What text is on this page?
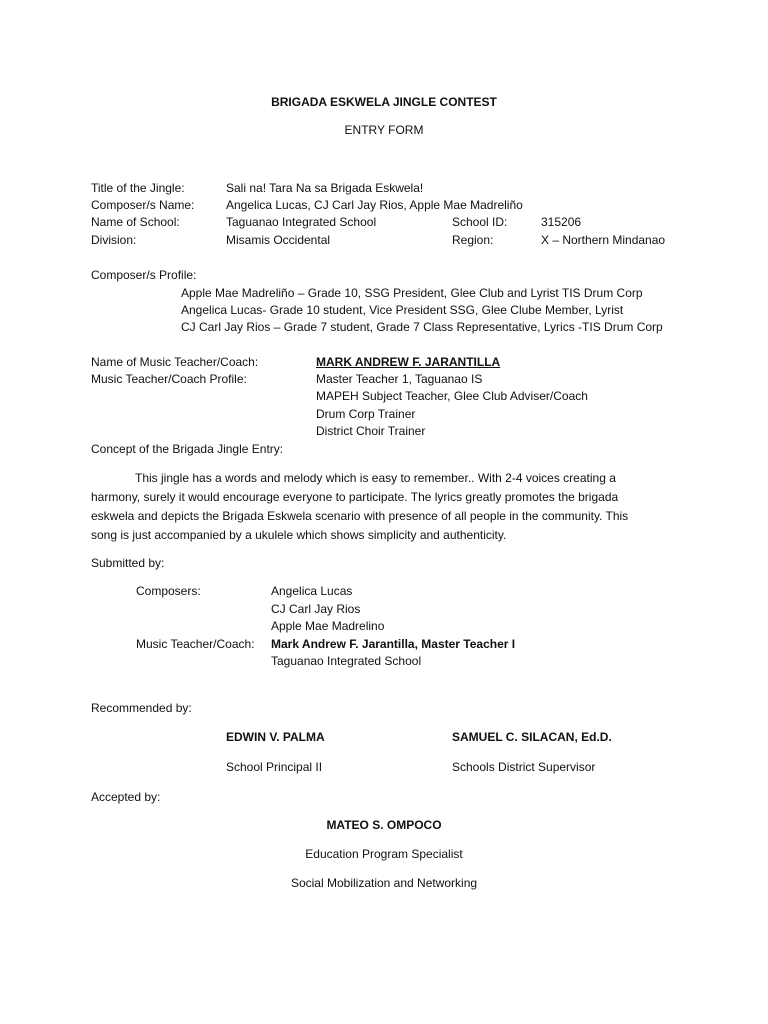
BRIGADA ESKWELA JINGLE CONTEST
ENTRY FORM
Title of the Jingle:	Sali na! Tara Na sa Brigada Eskwela!
Composer/s Name:	Angelica Lucas, CJ Carl Jay Rios, Apple Mae Madreliño
Name of School:	Taguanao Integrated School	School ID:	315206
Division:	Misamis Occidental	Region:	X – Northern Mindanao
Composer/s Profile:
Apple Mae Madreliño – Grade 10, SSG President, Glee Club and Lyrist TIS Drum Corp
Angelica Lucas- Grade 10 student, Vice President SSG, Glee Clube Member, Lyrist
CJ Carl Jay Rios – Grade 7 student, Grade 7 Class Representative, Lyrics -TIS Drum Corp
Name of Music Teacher/Coach:	MARK ANDREW F. JARANTILLA
Music Teacher/Coach Profile:	Master Teacher 1, Taguanao IS
MAPEH Subject Teacher, Glee Club Adviser/Coach
Drum Corp Trainer
District Choir Trainer
Concept of the Brigada Jingle Entry:
This jingle has a words and melody which is easy to remember.. With 2-4 voices creating a
harmony, surely it would encourage everyone to participate. The lyrics greatly promotes the brigada
eskwela and depicts the Brigada Eskwela scenario with presence of all people in the community. This
song is just accompanied by a ukulele which shows simplicity and authenticity.
Submitted by:
Composers:	Angelica Lucas
CJ Carl Jay Rios
Apple Mae Madrelino
Music Teacher/Coach: Mark Andrew F. Jarantilla, Master Teacher I
Taguanao Integrated School
Recommended by:
EDWIN V. PALMA
School Principal II
SAMUEL C. SILACAN, Ed.D.
Schools District Supervisor
Accepted by:
MATEO S. OMPOCO
Education Program Specialist
Social Mobilization and Networking
